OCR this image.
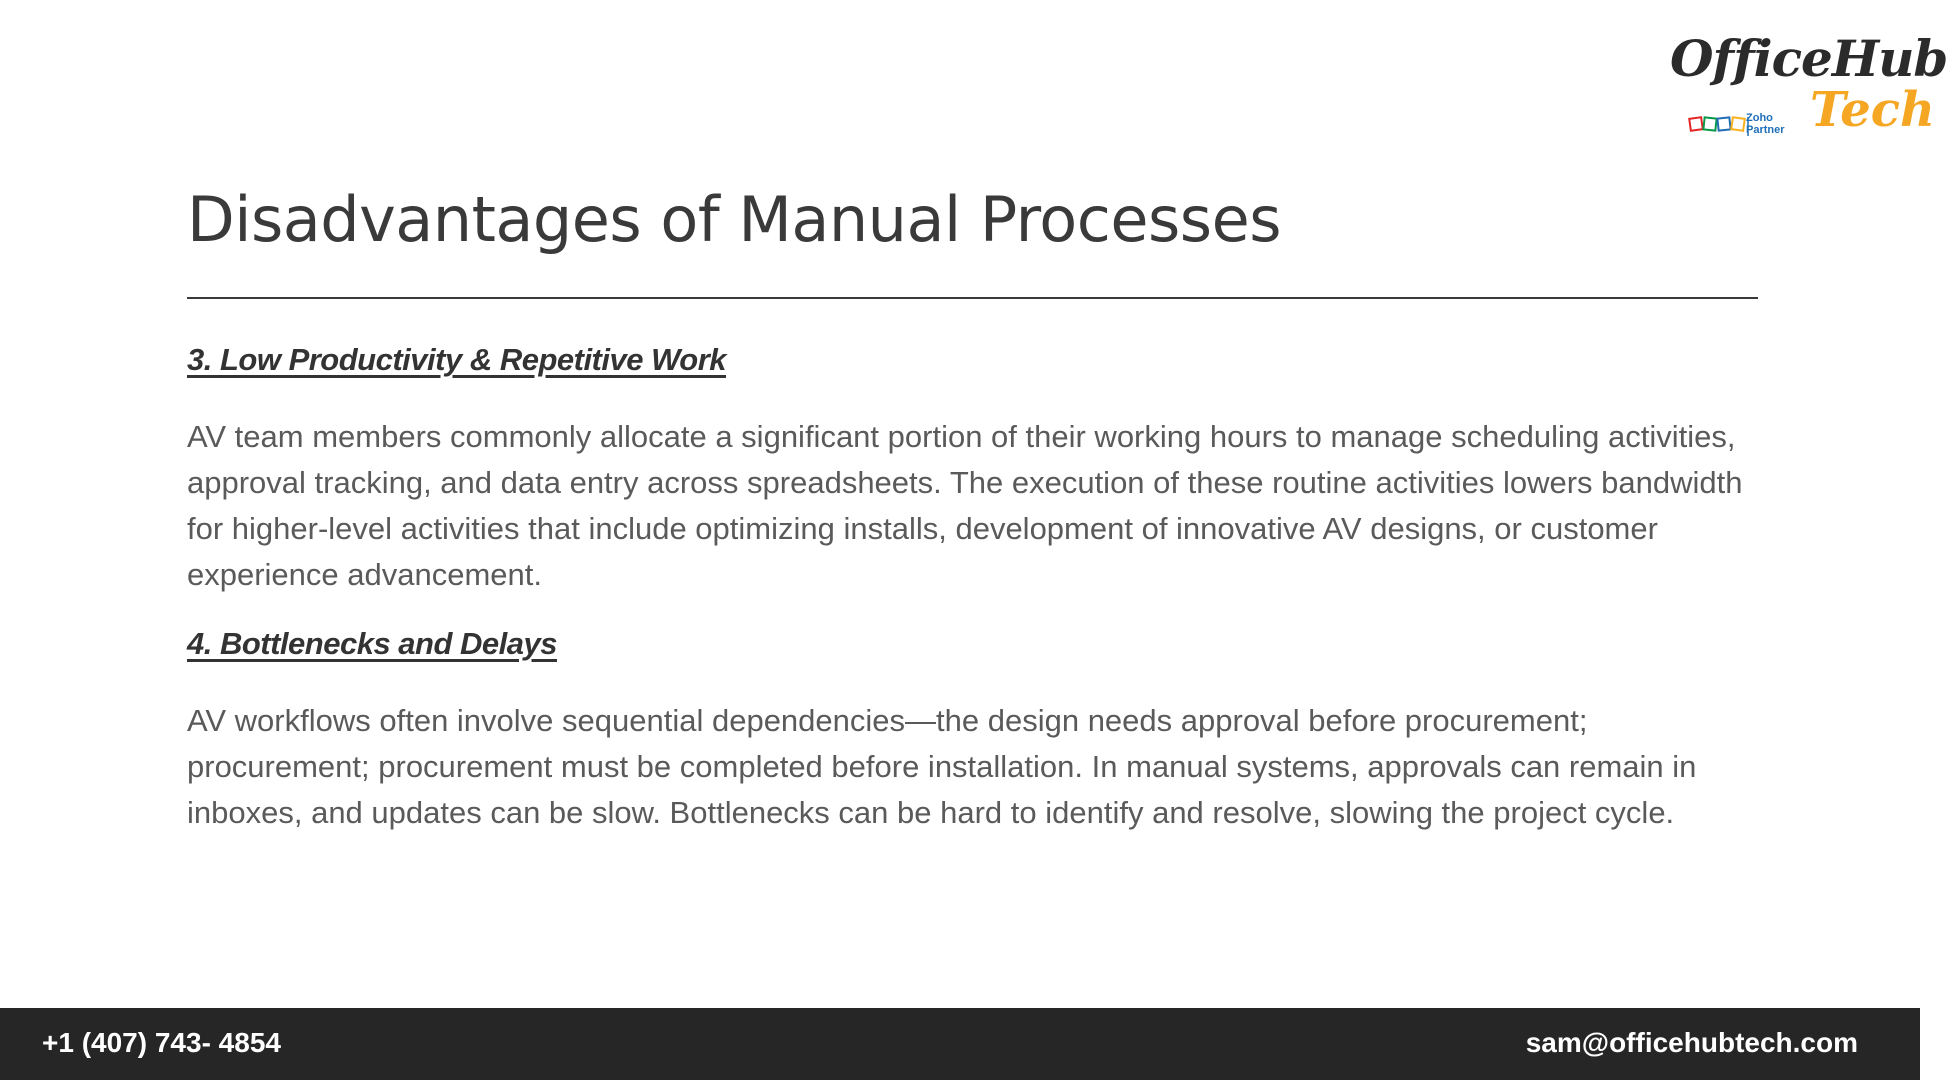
OfficeHub
Tech
Zoho
Partner
Disadvantages of Manual Processes
3. Low Productivity & Repetitive Work
AV team members commonly allocate a significant portion of their working hours to manage scheduling activities, approval tracking, and data entry across spreadsheets. The execution of these routine activities lowers bandwidth for higher-level activities that include optimizing installs, development of innovative AV designs, or customer experience advancement.
4. Bottlenecks and Delays
AV workflows often involve sequential dependencies—the design needs approval before procurement; procurement; procurement must be completed before installation. In manual systems, approvals can remain in inboxes, and updates can be slow. Bottlenecks can be hard to identify and resolve, slowing the project cycle.
+1 (407) 743- 4854	sam@officehubtech.com
